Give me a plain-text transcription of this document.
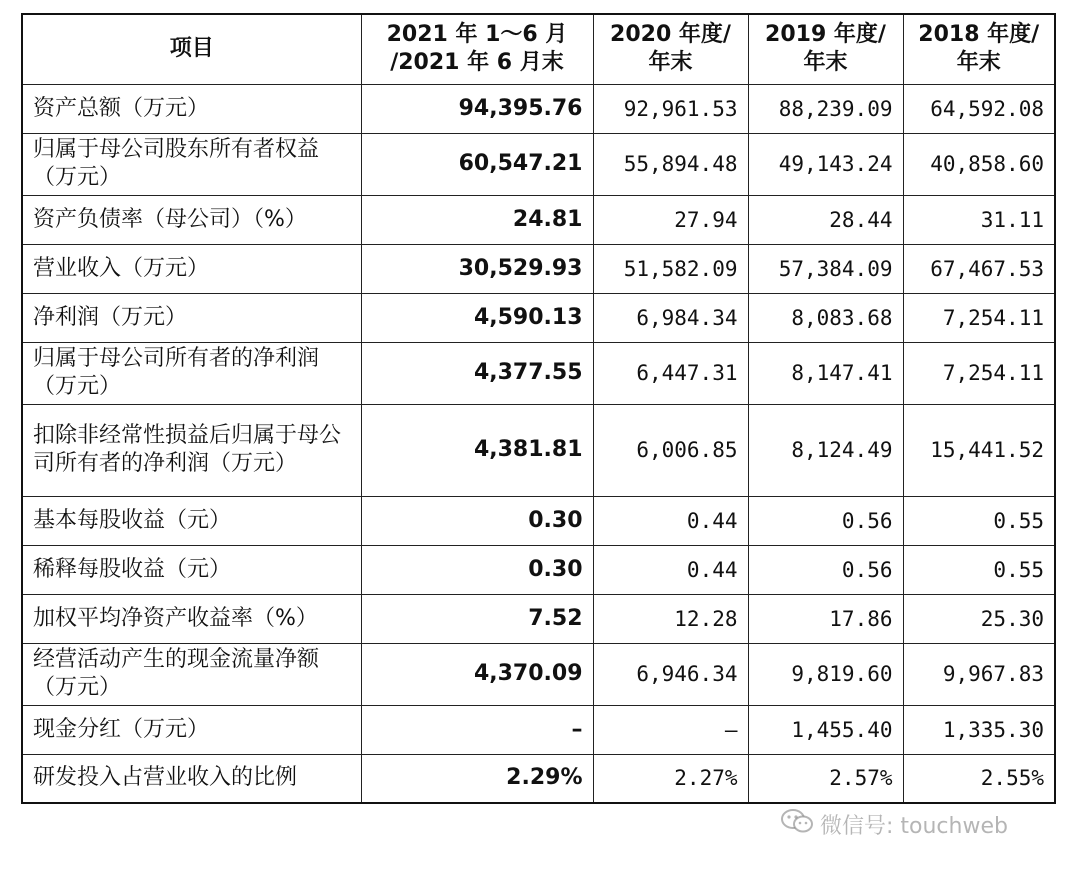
项目	2021 年 1～6 月 /2021 年 6 月末	2020 年度/ 年末	2019 年度/ 年末	2018 年度/ 年末
资产总额（万元）	94,395.76	92,961.53	88,239.09	64,592.08
归属于母公司股东所有者权益（万元）	60,547.21	55,894.48	49,143.24	40,858.60
资产负债率（母公司）（%）	24.81	27.94	28.44	31.11
营业收入（万元）	30,529.93	51,582.09	57,384.09	67,467.53
净利润（万元）	4,590.13	6,984.34	8,083.68	7,254.11
归属于母公司所有者的净利润（万元）	4,377.55	6,447.31	8,147.41	7,254.11
扣除非经常性损益后归属于母公司所有者的净利润（万元）	4,381.81	6,006.85	8,124.49	15,441.52
基本每股收益（元）	0.30	0.44	0.56	0.55
稀释每股收益（元）	0.30	0.44	0.56	0.55
加权平均净资产收益率（%）	7.52	12.28	17.86	25.30
经营活动产生的现金流量净额（万元）	4,370.09	6,946.34	9,819.60	9,967.83
现金分红（万元）	–	–	1,455.40	1,335.30
研发投入占营业收入的比例	2.29%	2.27%	2.57%	2.55%
微信号: touchweb
